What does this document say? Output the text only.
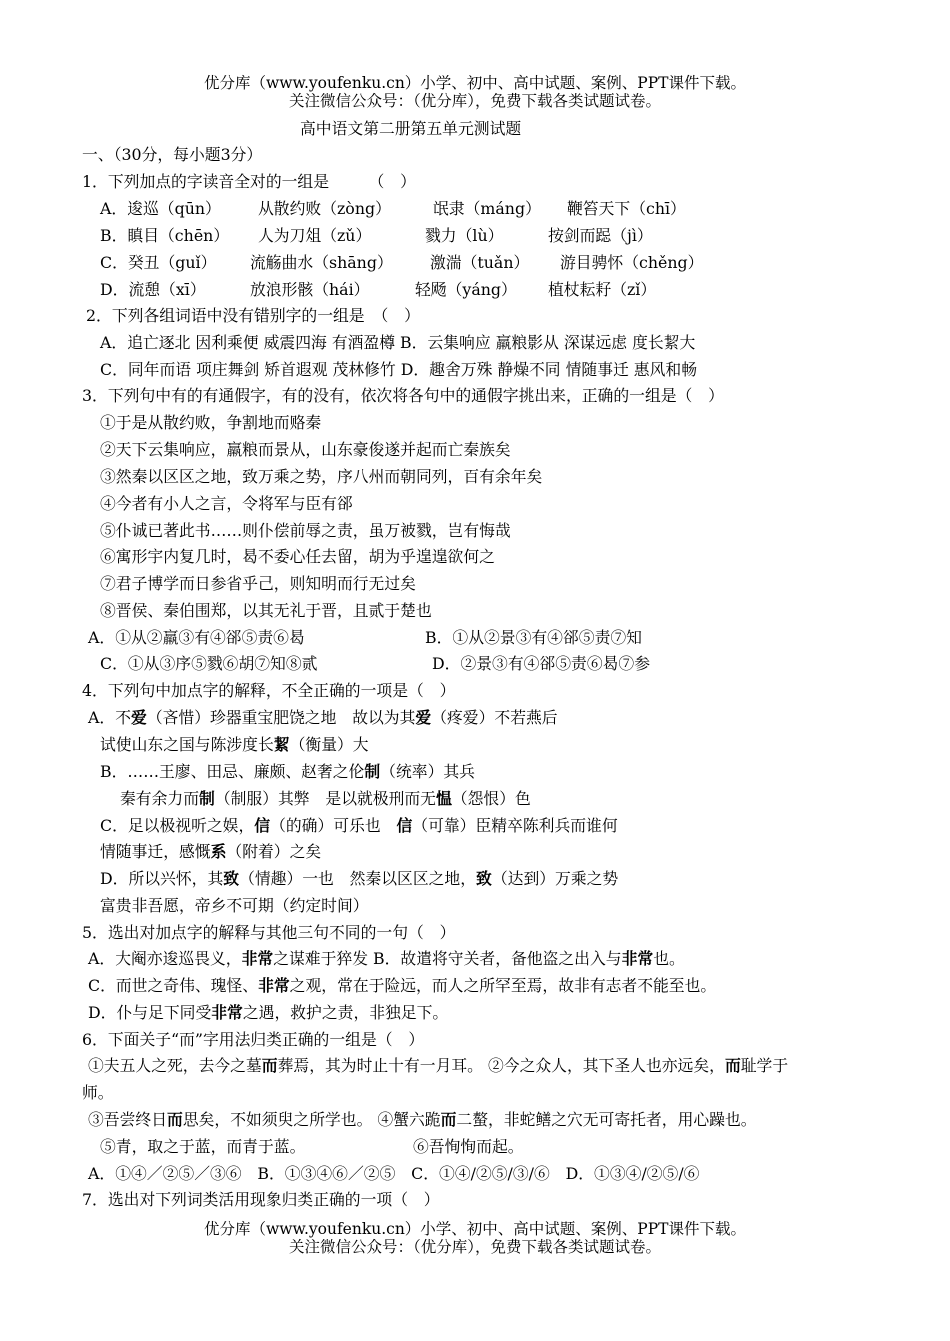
优分库（www.youfenku.cn）小学、初中、高中试题、案例、PPT课件下载。
关注微信公众号：（优分库），免费下载各类试题试卷。
高中语文第二册第五单元测试题
一、（30分，每小题3分）
1．下列加点的字读音全对的一组是　　　（　）
A．逡巡（qūn） 从散约败（zòng）	氓隶（máng） 鞭笞天下（chī）
B．瞋目（chēn） 人为刀俎（zǔ）	戮力（lù）	按剑而跽（jì）
C．癸丑（guǐ） 流觞曲水（shāng） 激湍（tuǎn） 游目骋怀（chěng）
D．流憩（xī）	放浪形骸（hái）	轻飏（yáng） 植杖耘耔（zǐ）
2．下列各组词语中没有错别字的一组是　（　）
A．追亡逐北 因利乘便 威震四海 有酒盈樽 B．云集响应 羸粮影从 深谋远虑 度长絜大
C．同年而语 项庄舞剑 矫首遐观 茂林修竹 D．趣舍万殊 静燥不同 情随事迁 惠风和畅
3．下列句中有的有通假字，有的没有，依次将各句中的通假字挑出来，正确的一组是（　）
①于是从散约败，争割地而赂秦
②天下云集响应，羸粮而景从，山东豪俊遂并起而亡秦族矣
③然秦以区区之地，致万乘之势，序八州而朝同列，百有余年矣
④今者有小人之言，令将军与臣有郤
⑤仆诚已著此书……则仆偿前辱之责，虽万被戮，岂有悔哉
⑥寓形宇内复几时，曷不委心任去留，胡为乎遑遑欲何之
⑦君子博学而日参省乎己，则知明而行无过矣
⑧晋侯、秦伯围郑，以其无礼于晋，且贰于楚也
A．①从②羸③有④郤⑤责⑥曷	B．①从②景③有④郤⑤责⑦知
C．①从③序⑤戮⑥胡⑦知⑧贰	D．②景③有④郤⑤责⑥曷⑦参
4．下列句中加点字的解释，不全正确的一项是（　）
A．不爱（吝惜）珍器重宝肥饶之地　故以为其爱（疼爱）不若燕后
试使山东之国与陈涉度长絜（衡量）大
B．……王廖、田忌、廉颇、赵奢之伦制（统率）其兵
秦有余力而制（制服）其弊　是以就极刑而无愠（怨恨）色
C．足以极视听之娱，信（的确）可乐也　信（可靠）臣精卒陈利兵而谁何
情随事迁，感慨系（附着）之矣
D．所以兴怀，其致（情趣）一也　然秦以区区之地，致（达到）万乘之势
富贵非吾愿，帝乡不可期（约定时间）
5．选出对加点字的解释与其他三句不同的一句（　）
A．大阉亦逡巡畏义，非常之谋难于猝发 B．故遣将守关者，备他盗之出入与非常也。
C．而世之奇伟、瑰怪、非常之观，常在于险远，而人之所罕至焉，故非有志者不能至也。
D．仆与足下同受非常之遇，救护之责，非独足下。
6．下面关子“而”字用法归类正确的一组是（　）
①夫五人之死，去今之墓而葬焉，其为时止十有一月耳。 ②今之众人，其下圣人也亦远矣，而耻学于
师。
③吾尝终日而思矣，不如须臾之所学也。 ④蟹六跪而二螯，非蛇鳝之穴无可寄托者，用心躁也。
⑤青，取之于蓝，而青于蓝。	⑥吾恂恂而起。
A．①④／②⑤／③⑥　B．①③④⑥／②⑤　C．①④/②⑤/③/⑥　D．①③④/②⑤/⑥
7．选出对下列词类活用现象归类正确的一项（　）
优分库（www.youfenku.cn）小学、初中、高中试题、案例、PPT课件下载。
关注微信公众号：（优分库），免费下载各类试题试卷。
